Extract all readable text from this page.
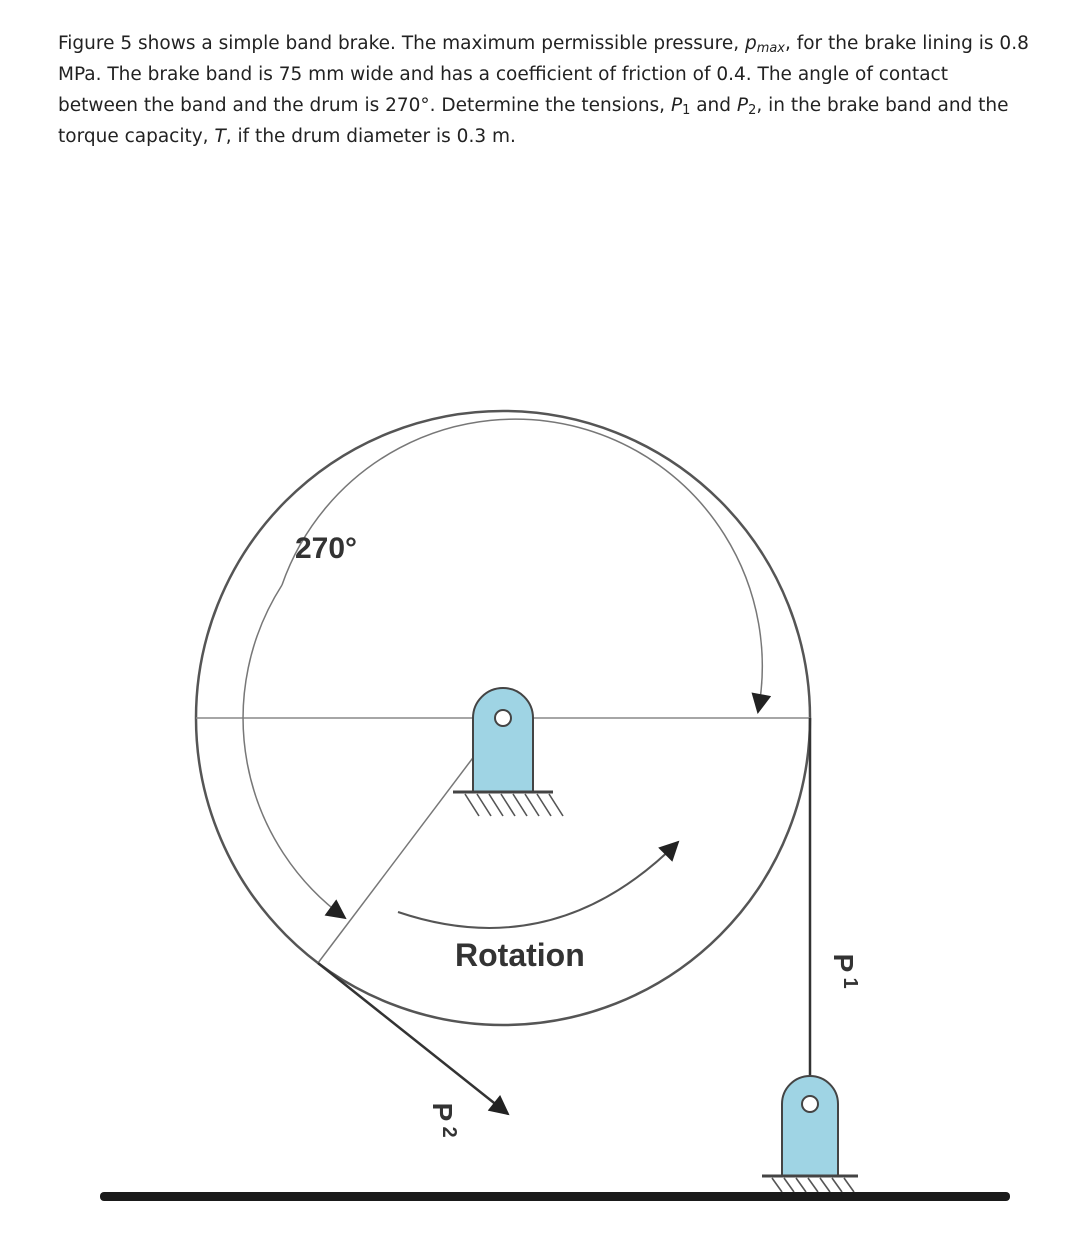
Figure 5 shows a simple band brake. The maximum permissible pressure, $p_{max}$, for the brake lining is 0.8 MPa. The brake band is 75 mm wide and has a coefficient of friction of 0.4. The angle of contact between the band and the drum is 270°. Determine the tensions, $P_1$ and $P_2$, in the brake band and the torque capacity, T, if the drum diameter is 0.3 m.

270°
Rotation	P
1
P
2
